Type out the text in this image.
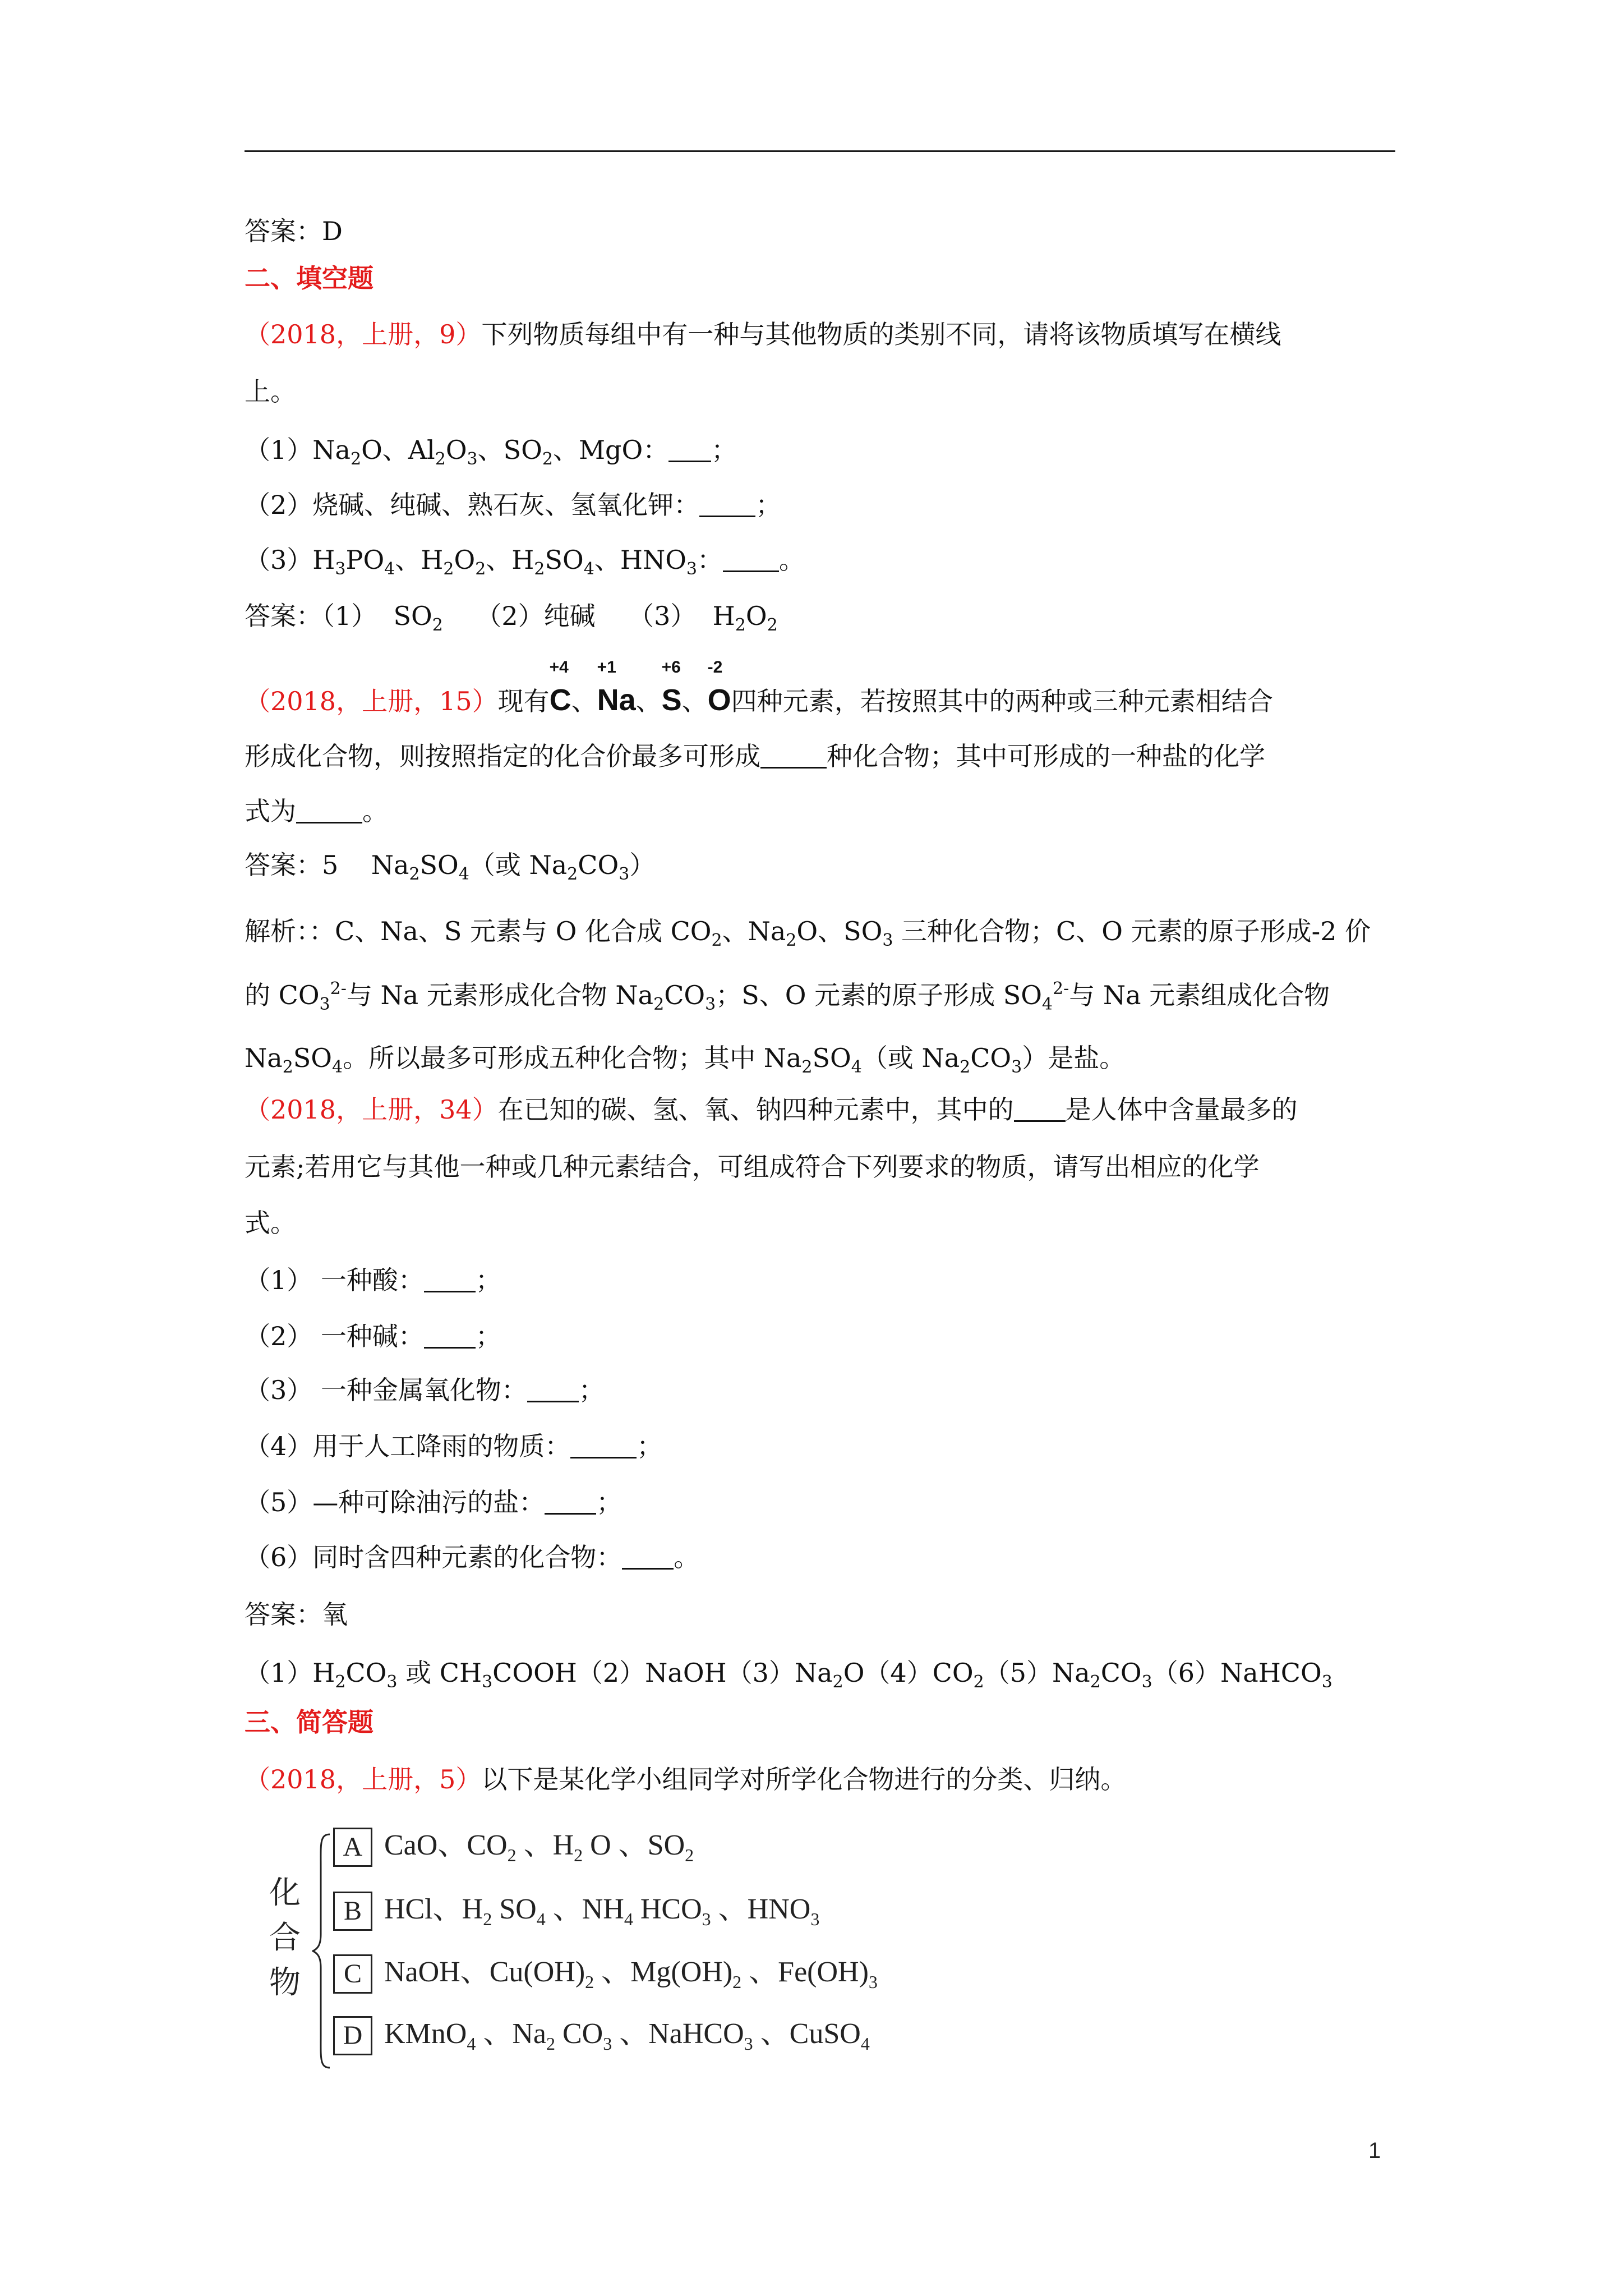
答案：D
二、填空题
（2018，上册，9）下列物质每组中有一种与其他物质的类别不同，请将该物质填写在横线
上。
$(1)Na_2O$、$Al_2O_3$、$SO_2$、MgO： ；
（2）烧碱、纯碱、熟石灰、氢氧化钾： ；
$(3)H_3PO_4$、$H_2O_2$、$H_2SO_4$、$HNO_3$： 。
答案：（1）  $SO_2$ （2）纯碱 （3）  $H_2O_2$
（2018，上册，15）现有
+4
C、
+1
Na、
+6
S、
-2
O四种元素，若按照其中的两种或三种元素相结合
形成化合物，则按照指定的化合价最多可形成	种化合物；其中可形成的一种盐的化学
式为	。
答案：5    $Na_2SO_4$（或 $Na_2CO_3$）
解析：：C、Na、S 元素与 O 化合成 $CO_2$、$Na_2O$、$SO_3$ 三种化合物；C、O 元素的原子形成-2 价
的 $CO_3^{2-}$与 Na 元素形成化合物 $Na_2CO_3$；S、O 元素的原子形成 $SO_4^{2-}$与 Na 元素组成化合物
$Na_2SO_4$。所以最多可形成五种化合物；其中 $Na_2SO_4$（或 $Na_2CO_3$）是盐。
（2018，上册，34）在已知的碳、氢、氧、钠四种元素中，其中的 是人体中含量最多的
元素;若用它与其他一种或几种元素结合，可组成符合下列要求的物质，请写出相应的化学
式。
（1） 一种酸： ；
（2） 一种碱： ；
（3） 一种金属氧化物： ；
（4）用于人工降雨的物质：	；
（5）—种可除油污的盐： ；
（6）同时含四种元素的化合物： 。
答案：氧
$(1)H_2CO_3$ 或 $CH_3COOH(2)NaOH(3)Na_2O(4)CO_2(5)Na_2CO_3(6)NaHCO_3$
三、简答题
（2018，上册，5）以下是某化学小组同学对所学化合物进行的分类、归纳。
化
合
物
A CaO、$CO_2$ 、$H_2$ O 、$SO_2$
B HCl、$H_2$ $SO_4$ 、$NH_4$ $HCO_3$ 、$HNO_3$
C NaOH、$Cu(OH)_2$ 、$Mg(OH)_2$ 、$Fe(OH)_3$
D KMnO$_4$ 、$Na_2$ $CO_3$ 、NaHCO$_3$ 、CuSO$_4$
1
